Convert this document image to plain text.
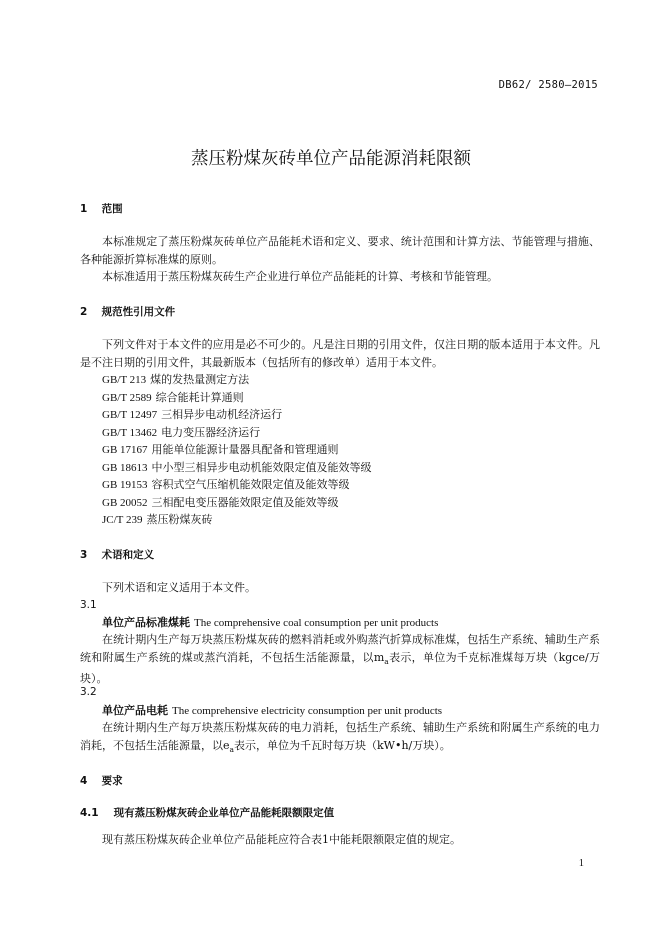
DB62/ 2580—2015
蒸压粉煤灰砖单位产品能源消耗限额
1 范围
本标准规定了蒸压粉煤灰砖单位产品能耗术语和定义、要求、统计范围和计算方法、节能管理与措施、各种能源折算标准煤的原则。
本标准适用于蒸压粉煤灰砖生产企业进行单位产品能耗的计算、考核和节能管理。
2 规范性引用文件
下列文件对于本文件的应用是必不可少的。凡是注日期的引用文件，仅注日期的版本适用于本文件。凡是不注日期的引用文件，其最新版本（包括所有的修改单）适用于本文件。
GB/T 213 煤的发热量测定方法
GB/T 2589 综合能耗计算通则
GB/T 12497 三相异步电动机经济运行
GB/T 13462 电力变压器经济运行
GB 17167 用能单位能源计量器具配备和管理通则
GB 18613 中小型三相异步电动机能效限定值及能效等级
GB 19153 容积式空气压缩机能效限定值及能效等级
GB 20052 三相配电变压器能效限定值及能效等级
JC/T 239 蒸压粉煤灰砖
3 术语和定义
下列术语和定义适用于本文件。
3.1
单位产品标准煤耗 The comprehensive coal consumption per unit products
在统计期内生产每万块蒸压粉煤灰砖的燃料消耗或外购蒸汽折算成标准煤，包括生产系统、辅助生产系统和附属生产系统的煤或蒸汽消耗，不包括生活能源量，以$m_a$表示，单位为千克标准煤每万块（kgce/万块）。
3.2
单位产品电耗 The comprehensive electricity consumption per unit products
在统计期内生产每万块蒸压粉煤灰砖的电力消耗，包括生产系统、辅助生产系统和附属生产系统的电力消耗，不包括生活能源量，以$e_a$表示，单位为千瓦时每万块（kW•h/万块）。
4 要求
4.1 现有蒸压粉煤灰砖企业单位产品能耗限额限定值
现有蒸压粉煤灰砖企业单位产品能耗应符合表1中能耗限额限定值的规定。
1
